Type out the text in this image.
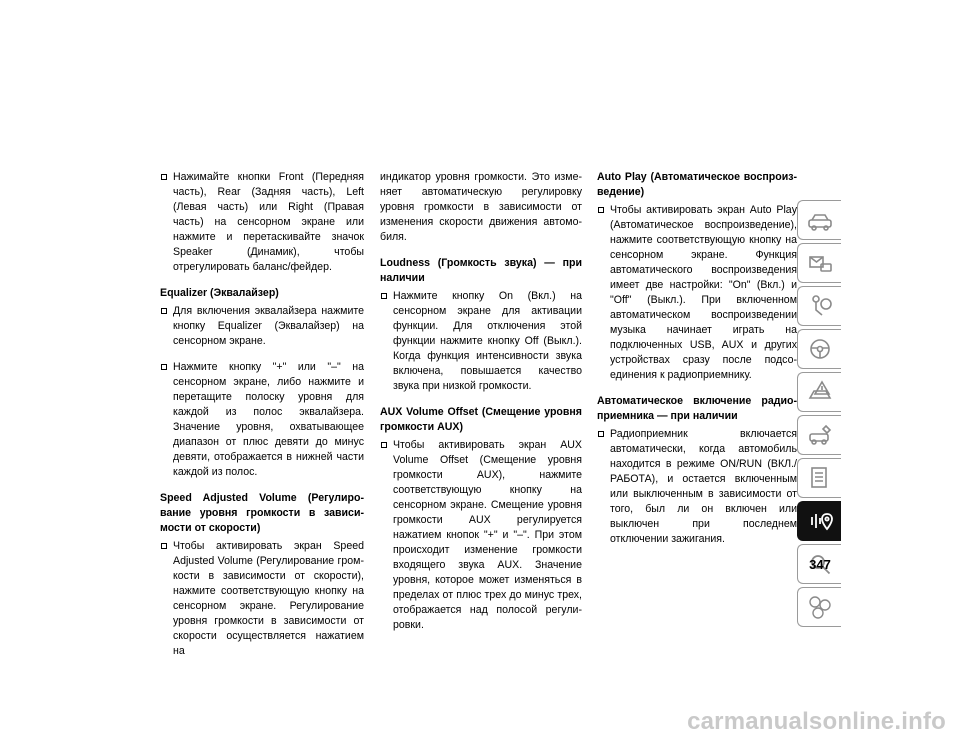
Нажимайте кнопки Front (Передняя часть), Rear (Задняя часть), Left (Левая часть) или Right (Правая часть) на сенсорном экране или нажмите и перетаскивайте значок Speaker (Динамик), чтобы отрегулировать баланс/фейдер.
Equalizer (Эквалайзер)
Для включения эквалайзера нажмите кнопку Equalizer (Эквалайзер) на сенсорном экране.
Нажмите кнопку "+" или "–" на сенсорном экране, либо нажмите и перетащите полоску уровня для каждой из полос эквалайзера. Значение уровня, охватывающее диапазон от плюс девяти до минус девяти, отображается в нижней части каждой из полос.
Speed Adjusted Volume (Регулирование уровня громкости в зависимости от скорости)
Чтобы активировать экран Speed Adjusted Volume (Регулирование громкости в зависимости от скорости), нажмите соответствующую кнопку на сенсорном экране. Регулирование уровня громкости в зависимости от скорости осуществляется нажатием на
индикатор уровня громкости. Это изменяет автоматическую регулировку уровня громкости в зависимости от изменения скорости движения автомобиля.
Loudness (Громкость звука) — при наличии
Нажмите кнопку On (Вкл.) на сенсорном экране для активации функции. Для отключения этой функции нажмите кнопку Off (Выкл.). Когда функция интенсивности звука включена, повышается качество звука при низкой громкости.
AUX Volume Offset (Смещение уровня громкости AUX)
Чтобы активировать экран AUX Volume Offset (Смещение уровня громкости AUX), нажмите соответствующую кнопку на сенсорном экране. Смещение уровня громкости AUX регулируется нажатием кнопок "+" и "–". При этом происходит изменение громкости входящего звука AUX. Значение уровня, которое может изменяться в пределах от плюс трех до минус трех, отображается над полосой регулировки.
Auto Play (Автоматическое воспроизведение)
Чтобы активировать экран Auto Play (Автоматическое воспроизведение), нажмите соответствующую кнопку на сенсорном экране. Функция автоматического воспроизведения имеет две настройки: "On" (Вкл.) и "Off" (Выкл.). При включенном автоматическом воспроизведении музыка начинает играть на подключенных USB, AUX и других устройствах сразу после подсоединения к радиоприемнику.
Автоматическое включение радиоприемника — при наличии
Радиоприемник включается автоматически, когда автомобиль находится в режиме ON/RUN (ВКЛ./РАБОТА), и остается включенным или выключенным в зависимости от того, был ли он включен или выключен при последнем отключении зажигания.
347
carmanualsonline.info
